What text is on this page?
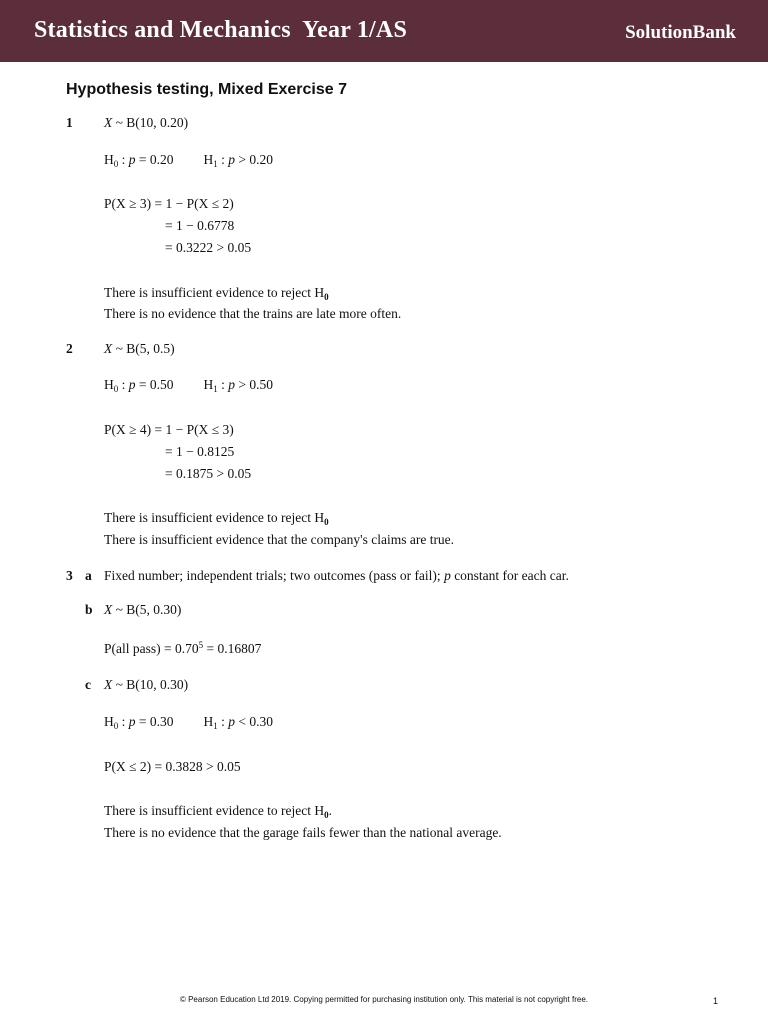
Statistics and Mechanics  Year 1/AS	SolutionBank
Hypothesis testing, Mixed Exercise 7
1 X ~ B(10, 0.20)
$H_0$ : p = 0.20 $H_1$ : p > 0.20
P(X ≥ 3) = 1 − P(X ≤ 2)
= 1 − 0.6778
= 0.3222 > 0.05
There is insufficient evidence to reject $H_0$
There is no evidence that the trains are late more often.
2 X ~ B(5, 0.5)
$H_0$ : p = 0.50 $H_1$ : p > 0.50
P(X ≥ 4) = 1 − P(X ≤ 3)
= 1 − 0.8125
= 0.1875 > 0.05
There is insufficient evidence to reject $H_0$
There is insufficient evidence that the company's claims are true.
3 a Fixed number; independent trials; two outcomes (pass or fail); p constant for each car.
b X ~ B(5, 0.30)
P(all pass) = $0.70^5 = 0.16807$
c X ~ B(10, 0.30)
$H_0$ : p = 0.30 $H_1$ : p < 0.30
P(X ≤ 2) = 0.3828 > 0.05
There is insufficient evidence to reject $H_0$.
There is no evidence that the garage fails fewer than the national average.
© Pearson Education Ltd 2019. Copying permitted for purchasing institution only. This material is not copyright free.	1
